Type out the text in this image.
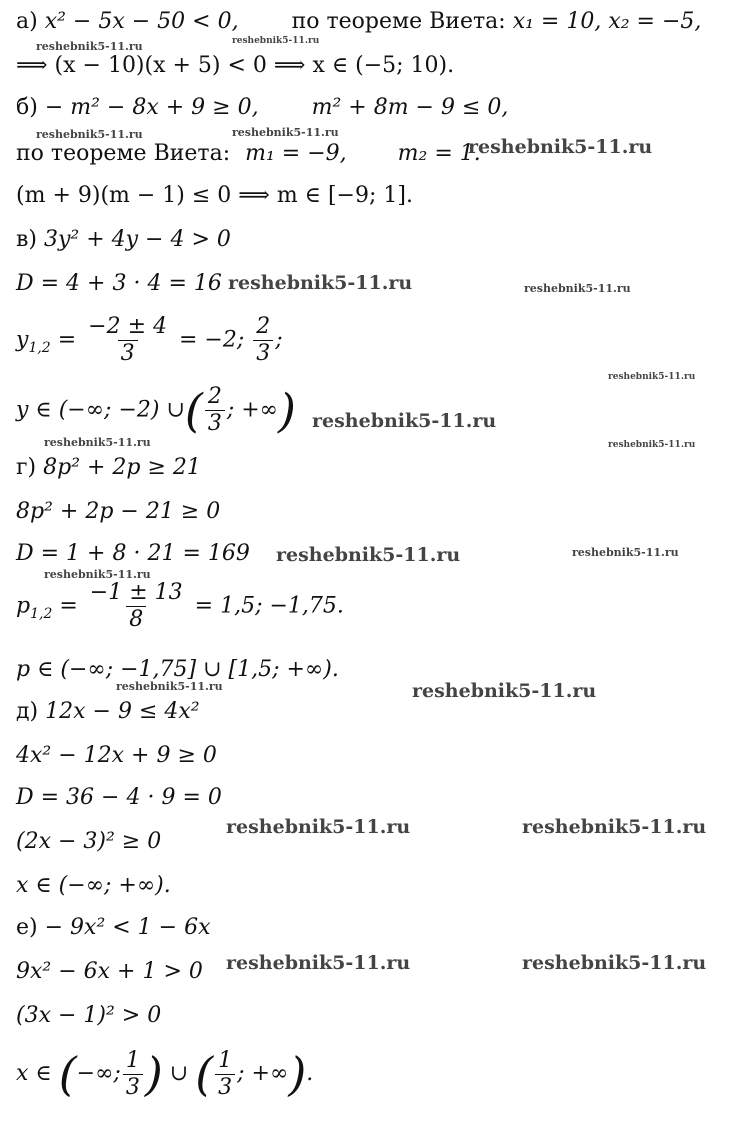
а) x² − 5x − 50 < 0, по теореме Виета: x₁ = 10, x₂ = −5,
⟹ (x − 10)(x + 5) < 0 ⟹ x ∈ (−5; 10).
б) − m² − 8x + 9 ≥ 0, m² + 8m − 9 ≤ 0,
по теореме Виета: m₁ = −9, m₂ = 1.
(m + 9)(m − 1) ≤ 0 ⟹ m ∈ [−9; 1].
в) 3y² + 4y − 4 > 0
D = 4 + 3 · 4 = 16
$y_{1,2} = \frac{-2 \pm 4}{3} = -2$; $\frac{2}{3}$ ;
y ∈ (−∞; −2) ∪( $\frac{2}{3}$ ; +∞)
г) 8p² + 2p ≥ 21
8p² + 2p − 21 ≥ 0
D = 1 + 8 · 21 = 169
$p_{1,2} = \frac{-1 \pm 13}{8} = 1,5$; −1,75.
p ∈ (−∞; −1,75] ∪ [1,5; +∞).
д) 12x − 9 ≤ 4x²
4x² − 12x + 9 ≥ 0
D = 36 − 4 · 9 = 0
(2x − 3)² ≥ 0
x ∈ (−∞; +∞).
е) − 9x² < 1 − 6x
9x² − 6x + 1 > 0
(3x − 1)² > 0
x ∈ (−∞; $\frac{1}{3}$ ) ∪ ( $\frac{1}{3}$ ; +∞).
reshebnik5-11.ru	reshebnik5-11.ru
reshebnik5-11.ru	reshebnik5-11.ru
reshebnik5-11.ru
reshebnik5-11.ru	reshebnik5-11.ru
reshebnik5-11.ru
reshebnik5-11.ru
reshebnik5-11.ru	reshebnik5-11.ru
reshebnik5-11.ru	reshebnik5-11.ru
reshebnik5-11.ru
reshebnik5-11.ru	reshebnik5-11.ru
reshebnik5-11.ru	reshebnik5-11.ru
reshebnik5-11.ru	reshebnik5-11.ru
